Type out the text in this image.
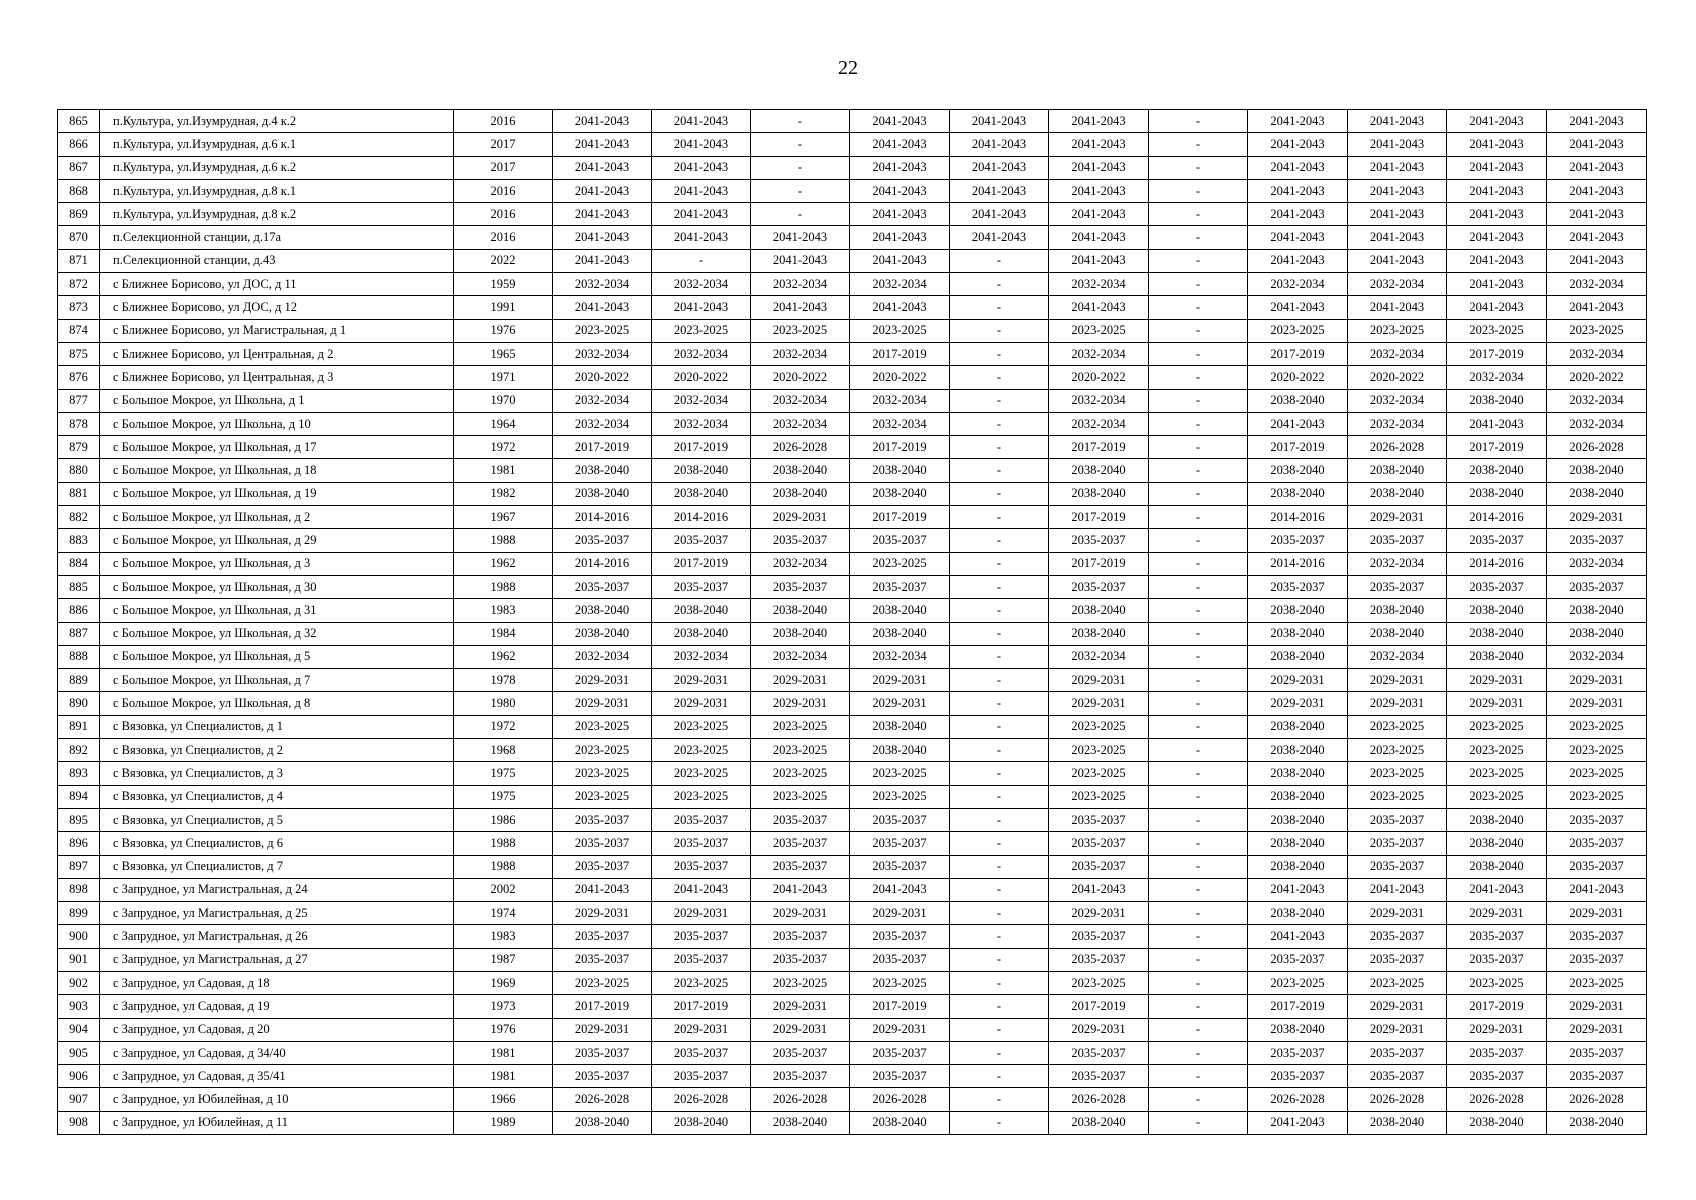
22
865	п.Культура, ул.Изумрудная, д.4 к.2	2016	2041-2043	2041-2043	-	2041-2043	2041-2043	2041-2043	-	2041-2043	2041-2043	2041-2043	2041-2043
866	п.Культура, ул.Изумрудная, д.6 к.1	2017	2041-2043	2041-2043	-	2041-2043	2041-2043	2041-2043	-	2041-2043	2041-2043	2041-2043	2041-2043
867	п.Культура, ул.Изумрудная, д.6 к.2	2017	2041-2043	2041-2043	-	2041-2043	2041-2043	2041-2043	-	2041-2043	2041-2043	2041-2043	2041-2043
868	п.Культура, ул.Изумрудная, д.8 к.1	2016	2041-2043	2041-2043	-	2041-2043	2041-2043	2041-2043	-	2041-2043	2041-2043	2041-2043	2041-2043
869	п.Культура, ул.Изумрудная, д.8 к.2	2016	2041-2043	2041-2043	-	2041-2043	2041-2043	2041-2043	-	2041-2043	2041-2043	2041-2043	2041-2043
870	п.Селекционной станции, д.17а	2016	2041-2043	2041-2043	2041-2043	2041-2043	2041-2043	2041-2043	-	2041-2043	2041-2043	2041-2043	2041-2043
871	п.Селекционной станции, д.43	2022	2041-2043	-	2041-2043	2041-2043	-	2041-2043	-	2041-2043	2041-2043	2041-2043	2041-2043
872	с Ближнее Борисово, ул ДОС, д 11	1959	2032-2034	2032-2034	2032-2034	2032-2034	-	2032-2034	-	2032-2034	2032-2034	2041-2043	2032-2034
873	с Ближнее Борисово, ул ДОС, д 12	1991	2041-2043	2041-2043	2041-2043	2041-2043	-	2041-2043	-	2041-2043	2041-2043	2041-2043	2041-2043
874	с Ближнее Борисово, ул Магистральная, д 1	1976	2023-2025	2023-2025	2023-2025	2023-2025	-	2023-2025	-	2023-2025	2023-2025	2023-2025	2023-2025
875	с Ближнее Борисово, ул Центральная, д 2	1965	2032-2034	2032-2034	2032-2034	2017-2019	-	2032-2034	-	2017-2019	2032-2034	2017-2019	2032-2034
876	с Ближнее Борисово, ул Центральная, д 3	1971	2020-2022	2020-2022	2020-2022	2020-2022	-	2020-2022	-	2020-2022	2020-2022	2032-2034	2020-2022
877	с Большое Мокрое, ул Школьна, д 1	1970	2032-2034	2032-2034	2032-2034	2032-2034	-	2032-2034	-	2038-2040	2032-2034	2038-2040	2032-2034
878	с Большое Мокрое, ул Школьна, д 10	1964	2032-2034	2032-2034	2032-2034	2032-2034	-	2032-2034	-	2041-2043	2032-2034	2041-2043	2032-2034
879	с Большое Мокрое, ул Школьная, д 17	1972	2017-2019	2017-2019	2026-2028	2017-2019	-	2017-2019	-	2017-2019	2026-2028	2017-2019	2026-2028
880	с Большое Мокрое, ул Школьная, д 18	1981	2038-2040	2038-2040	2038-2040	2038-2040	-	2038-2040	-	2038-2040	2038-2040	2038-2040	2038-2040
881	с Большое Мокрое, ул Школьная, д 19	1982	2038-2040	2038-2040	2038-2040	2038-2040	-	2038-2040	-	2038-2040	2038-2040	2038-2040	2038-2040
882	с Большое Мокрое, ул Школьная, д 2	1967	2014-2016	2014-2016	2029-2031	2017-2019	-	2017-2019	-	2014-2016	2029-2031	2014-2016	2029-2031
883	с Большое Мокрое, ул Школьная, д 29	1988	2035-2037	2035-2037	2035-2037	2035-2037	-	2035-2037	-	2035-2037	2035-2037	2035-2037	2035-2037
884	с Большое Мокрое, ул Школьная, д 3	1962	2014-2016	2017-2019	2032-2034	2023-2025	-	2017-2019	-	2014-2016	2032-2034	2014-2016	2032-2034
885	с Большое Мокрое, ул Школьная, д 30	1988	2035-2037	2035-2037	2035-2037	2035-2037	-	2035-2037	-	2035-2037	2035-2037	2035-2037	2035-2037
886	с Большое Мокрое, ул Школьная, д 31	1983	2038-2040	2038-2040	2038-2040	2038-2040	-	2038-2040	-	2038-2040	2038-2040	2038-2040	2038-2040
887	с Большое Мокрое, ул Школьная, д 32	1984	2038-2040	2038-2040	2038-2040	2038-2040	-	2038-2040	-	2038-2040	2038-2040	2038-2040	2038-2040
888	с Большое Мокрое, ул Школьная, д 5	1962	2032-2034	2032-2034	2032-2034	2032-2034	-	2032-2034	-	2038-2040	2032-2034	2038-2040	2032-2034
889	с Большое Мокрое, ул Школьная, д 7	1978	2029-2031	2029-2031	2029-2031	2029-2031	-	2029-2031	-	2029-2031	2029-2031	2029-2031	2029-2031
890	с Большое Мокрое, ул Школьная, д 8	1980	2029-2031	2029-2031	2029-2031	2029-2031	-	2029-2031	-	2029-2031	2029-2031	2029-2031	2029-2031
891	с Вязовка, ул Специалистов, д 1	1972	2023-2025	2023-2025	2023-2025	2038-2040	-	2023-2025	-	2038-2040	2023-2025	2023-2025	2023-2025
892	с Вязовка, ул Специалистов, д 2	1968	2023-2025	2023-2025	2023-2025	2038-2040	-	2023-2025	-	2038-2040	2023-2025	2023-2025	2023-2025
893	с Вязовка, ул Специалистов, д 3	1975	2023-2025	2023-2025	2023-2025	2023-2025	-	2023-2025	-	2038-2040	2023-2025	2023-2025	2023-2025
894	с Вязовка, ул Специалистов, д 4	1975	2023-2025	2023-2025	2023-2025	2023-2025	-	2023-2025	-	2038-2040	2023-2025	2023-2025	2023-2025
895	с Вязовка, ул Специалистов, д 5	1986	2035-2037	2035-2037	2035-2037	2035-2037	-	2035-2037	-	2038-2040	2035-2037	2038-2040	2035-2037
896	с Вязовка, ул Специалистов, д 6	1988	2035-2037	2035-2037	2035-2037	2035-2037	-	2035-2037	-	2038-2040	2035-2037	2038-2040	2035-2037
897	с Вязовка, ул Специалистов, д 7	1988	2035-2037	2035-2037	2035-2037	2035-2037	-	2035-2037	-	2038-2040	2035-2037	2038-2040	2035-2037
898	с Запрудное, ул Магистральная, д 24	2002	2041-2043	2041-2043	2041-2043	2041-2043	-	2041-2043	-	2041-2043	2041-2043	2041-2043	2041-2043
899	с Запрудное, ул Магистральная, д 25	1974	2029-2031	2029-2031	2029-2031	2029-2031	-	2029-2031	-	2038-2040	2029-2031	2029-2031	2029-2031
900	с Запрудное, ул Магистральная, д 26	1983	2035-2037	2035-2037	2035-2037	2035-2037	-	2035-2037	-	2041-2043	2035-2037	2035-2037	2035-2037
901	с Запрудное, ул Магистральная, д 27	1987	2035-2037	2035-2037	2035-2037	2035-2037	-	2035-2037	-	2035-2037	2035-2037	2035-2037	2035-2037
902	с Запрудное, ул Садовая, д 18	1969	2023-2025	2023-2025	2023-2025	2023-2025	-	2023-2025	-	2023-2025	2023-2025	2023-2025	2023-2025
903	с Запрудное, ул Садовая, д 19	1973	2017-2019	2017-2019	2029-2031	2017-2019	-	2017-2019	-	2017-2019	2029-2031	2017-2019	2029-2031
904	с Запрудное, ул Садовая, д 20	1976	2029-2031	2029-2031	2029-2031	2029-2031	-	2029-2031	-	2038-2040	2029-2031	2029-2031	2029-2031
905	с Запрудное, ул Садовая, д 34/40	1981	2035-2037	2035-2037	2035-2037	2035-2037	-	2035-2037	-	2035-2037	2035-2037	2035-2037	2035-2037
906	с Запрудное, ул Садовая, д 35/41	1981	2035-2037	2035-2037	2035-2037	2035-2037	-	2035-2037	-	2035-2037	2035-2037	2035-2037	2035-2037
907	с Запрудное, ул Юбилейная, д 10	1966	2026-2028	2026-2028	2026-2028	2026-2028	-	2026-2028	-	2026-2028	2026-2028	2026-2028	2026-2028
908	с Запрудное, ул Юбилейная, д 11	1989	2038-2040	2038-2040	2038-2040	2038-2040	-	2038-2040	-	2041-2043	2038-2040	2038-2040	2038-2040
